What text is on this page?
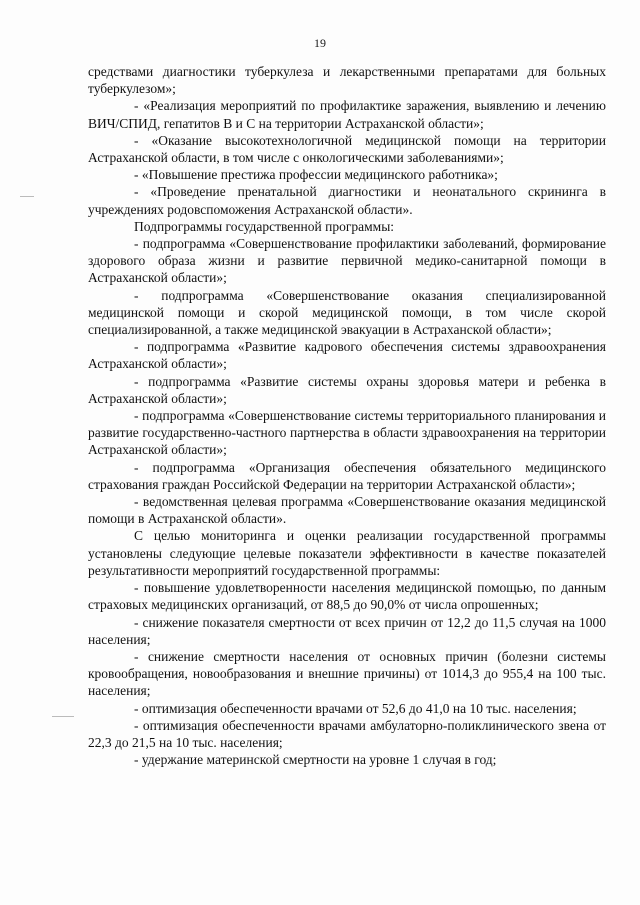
19

средствами диагностики туберкулеза и лекарственными препаратами для больных туберкулезом»;

- «Реализация мероприятий по профилактике заражения, выявлению и лечению ВИЧ/СПИД, гепатитов В и С на территории Астраханской области»;

- «Оказание высокотехнологичной медицинской помощи на территории Астраханской области, в том числе с онкологическими заболеваниями»;

- «Повышение престижа профессии медицинского работника»;

- «Проведение пренатальной диагностики и неонатального скрининга в учреждениях родовспоможения Астраханской области».

Подпрограммы государственной программы:

- подпрограмма «Совершенствование профилактики заболеваний, формирование здорового образа жизни и развитие первичной медико-санитарной помощи в Астраханской области»;

- подпрограмма «Совершенствование оказания специализированной медицинской помощи и скорой медицинской помощи, в том числе скорой специализированной, а также медицинской эвакуации в Астраханской области»;

- подпрограмма «Развитие кадрового обеспечения системы здравоохранения Астраханской области»;

- подпрограмма «Развитие системы охраны здоровья матери и ребенка в Астраханской области»;

- подпрограмма «Совершенствование системы территориального планирования и развитие государственно-частного партнерства в области здравоохранения на территории Астраханской области»;

- подпрограмма «Организация обеспечения обязательного медицинского страхования граждан Российской Федерации на территории Астраханской области»;

- ведомственная целевая программа «Совершенствование оказания медицинской помощи в Астраханской области».

С целью мониторинга и оценки реализации государственной программы установлены следующие целевые показатели эффективности в качестве показателей результативности мероприятий государственной программы:

- повышение удовлетворенности населения медицинской помощью, по данным страховых медицинских организаций, от 88,5 до 90,0% от числа опрошенных;

- снижение показателя смертности от всех причин от 12,2 до 11,5 случая на 1000 населения;

- снижение смертности населения от основных причин (болезни системы кровообращения, новообразования и внешние причины) от 1014,3 до 955,4 на 100 тыс. населения;

- оптимизация обеспеченности врачами от 52,6 до 41,0 на 10 тыс. населения;

- оптимизация обеспеченности врачами амбулаторно-поликлинического звена от 22,3 до 21,5 на 10 тыс. населения;

- удержание материнской смертности на уровне 1 случая в год;
